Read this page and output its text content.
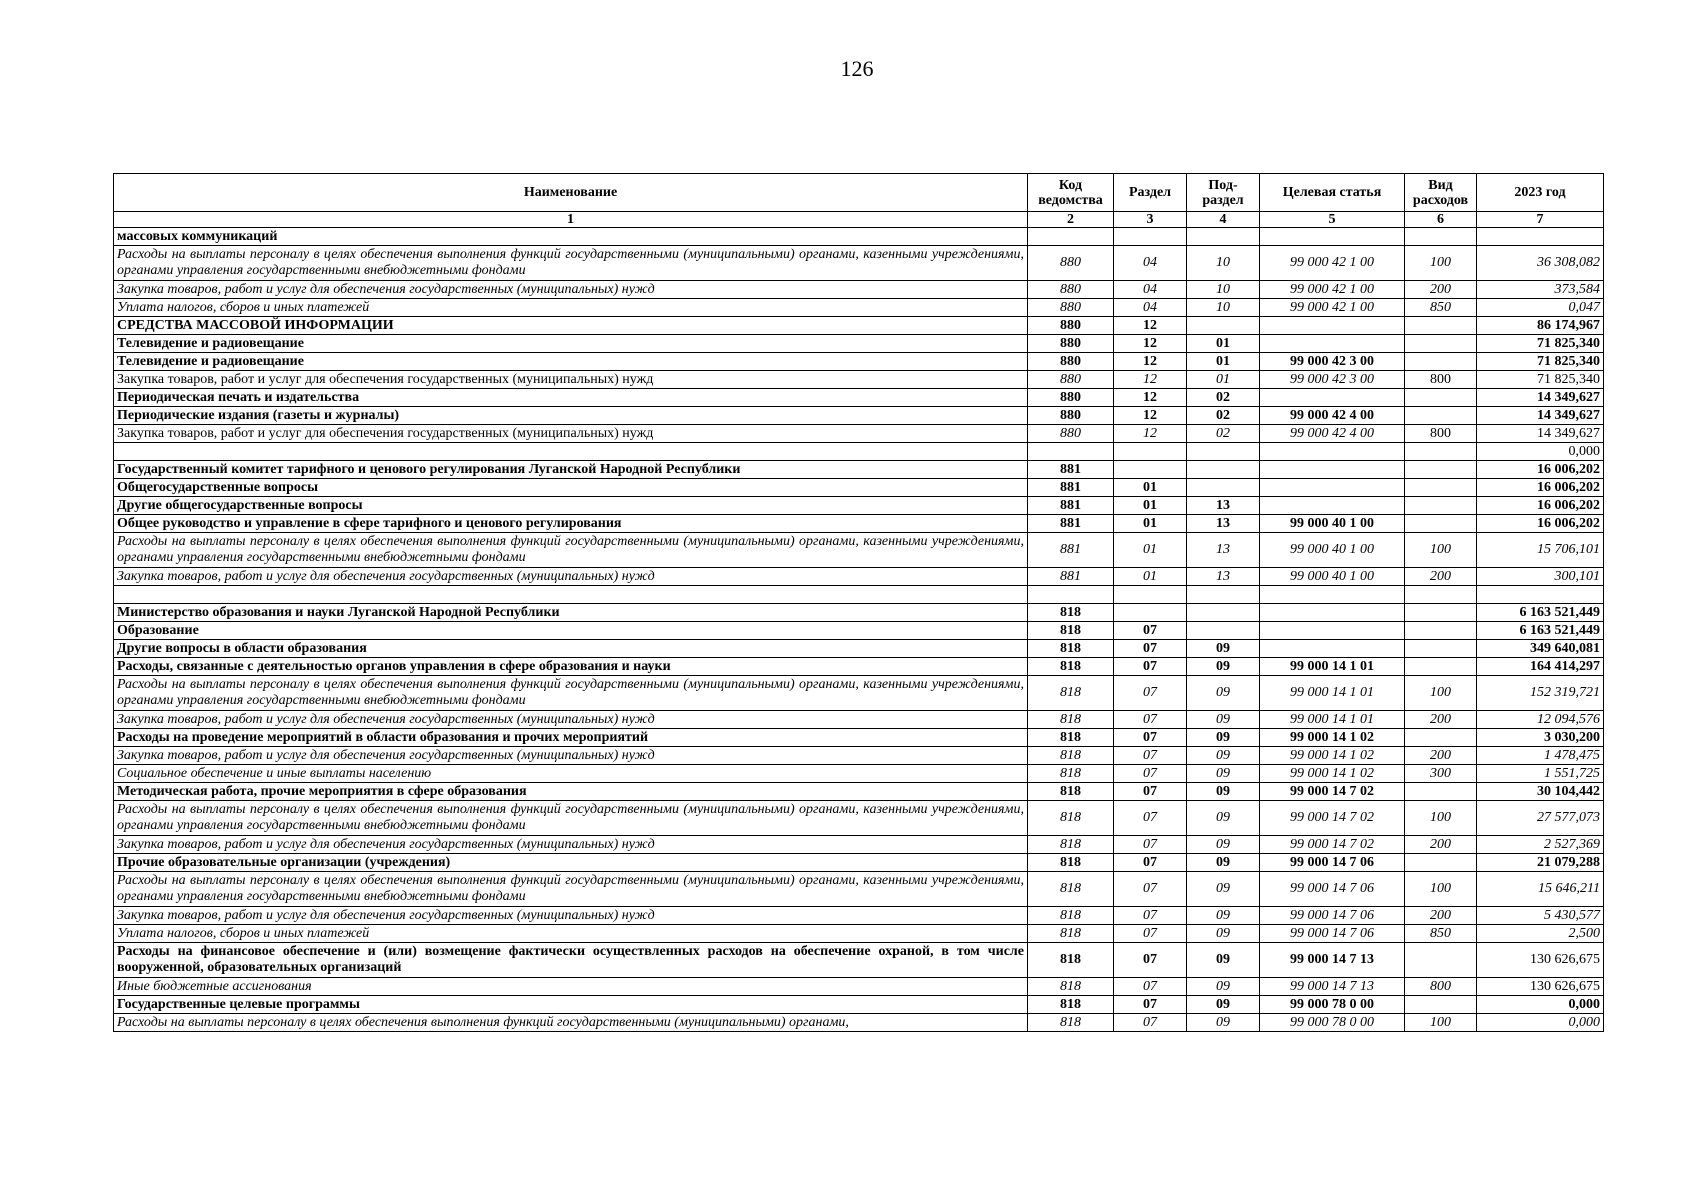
126
Наименование	Код ведомства	Раздел	Под-раздел	Целевая статья	Вид расходов	2023 год
1	2	3	4	5	6	7
массовых коммуникаций						
Расходы на выплаты персоналу в целях обеспечения выполнения функций государственными (муниципальными) органами, казенными учреждениями, органами управления государственными внебюджетными фондами	880	04	10	99 000 42 1 00	100	36 308,082
Закупка товаров, работ и услуг для обеспечения государственных (муниципальных) нужд	880	04	10	99 000 42 1 00	200	373,584
Уплата налогов, сборов и иных платежей	880	04	10	99 000 42 1 00	850	0,047
СРЕДСТВА МАССОВОЙ ИНФОРМАЦИИ	880	12				86 174,967
Телевидение и радиовещание	880	12	01			71 825,340
Телевидение и радиовещание	880	12	01	99 000 42 3 00		71 825,340
Закупка товаров, работ и услуг для обеспечения государственных (муниципальных) нужд	880	12	01	99 000 42 3 00	800	71 825,340
Периодическая печать и издательства	880	12	02			14 349,627
Периодические издания (газеты и журналы)	880	12	02	99 000 42 4 00		14 349,627
Закупка товаров, работ и услуг для обеспечения государственных (муниципальных) нужд	880	12	02	99 000 42 4 00	800	14 349,627
						0,000
Государственный комитет тарифного и ценового регулирования Луганской Народной Республики	881					16 006,202
Общегосударственные вопросы	881	01				16 006,202
Другие общегосударственные вопросы	881	01	13			16 006,202
Общее руководство и управление в сфере тарифного и ценового регулирования	881	01	13	99 000 40 1 00		16 006,202
Расходы на выплаты персоналу в целях обеспечения выполнения функций государственными (муниципальными) органами, казенными учреждениями, органами управления государственными внебюджетными фондами	881	01	13	99 000 40 1 00	100	15 706,101
Закупка товаров, работ и услуг для обеспечения государственных (муниципальных) нужд	881	01	13	99 000 40 1 00	200	300,101

Министерство образования и науки Луганской Народной Республики	818					6 163 521,449
Образование	818	07				6 163 521,449
Другие вопросы в области образования	818	07	09			349 640,081
Расходы, связанные с деятельностью органов управления в сфере образования и науки	818	07	09	99 000 14 1 01		164 414,297
Расходы на выплаты персоналу в целях обеспечения выполнения функций государственными (муниципальными) органами, казенными учреждениями, органами управления государственными внебюджетными фондами	818	07	09	99 000 14 1 01	100	152 319,721
Закупка товаров, работ и услуг для обеспечения государственных (муниципальных) нужд	818	07	09	99 000 14 1 01	200	12 094,576
Расходы на проведение мероприятий в области образования и прочих мероприятий	818	07	09	99 000 14 1 02		3 030,200
Закупка товаров, работ и услуг для обеспечения государственных (муниципальных) нужд	818	07	09	99 000 14 1 02	200	1 478,475
Социальное обеспечение и иные выплаты населению	818	07	09	99 000 14 1 02	300	1 551,725
Методическая работа, прочие мероприятия в сфере образования	818	07	09	99 000 14 7 02		30 104,442
Расходы на выплаты персоналу в целях обеспечения выполнения функций государственными (муниципальными) органами, казенными учреждениями, органами управления государственными внебюджетными фондами	818	07	09	99 000 14 7 02	100	27 577,073
Закупка товаров, работ и услуг для обеспечения государственных (муниципальных) нужд	818	07	09	99 000 14 7 02	200	2 527,369
Прочие образовательные организации (учреждения)	818	07	09	99 000 14 7 06		21 079,288
Расходы на выплаты персоналу в целях обеспечения выполнения функций государственными (муниципальными) органами, казенными учреждениями, органами управления государственными внебюджетными фондами	818	07	09	99 000 14 7 06	100	15 646,211
Закупка товаров, работ и услуг для обеспечения государственных (муниципальных) нужд	818	07	09	99 000 14 7 06	200	5 430,577
Уплата налогов, сборов и иных платежей	818	07	09	99 000 14 7 06	850	2,500
Расходы на финансовое обеспечение и (или) возмещение фактически осуществленных расходов на обеспечение охраной, в том числе вооруженной, образовательных организаций	818	07	09	99 000 14 7 13		130 626,675
Иные бюджетные ассигнования	818	07	09	99 000 14 7 13	800	130 626,675
Государственные целевые программы	818	07	09	99 000 78 0 00		0,000
Расходы на выплаты персоналу в целях обеспечения выполнения функций государственными (муниципальными) органами,	818	07	09	99 000 78 0 00	100	0,000
